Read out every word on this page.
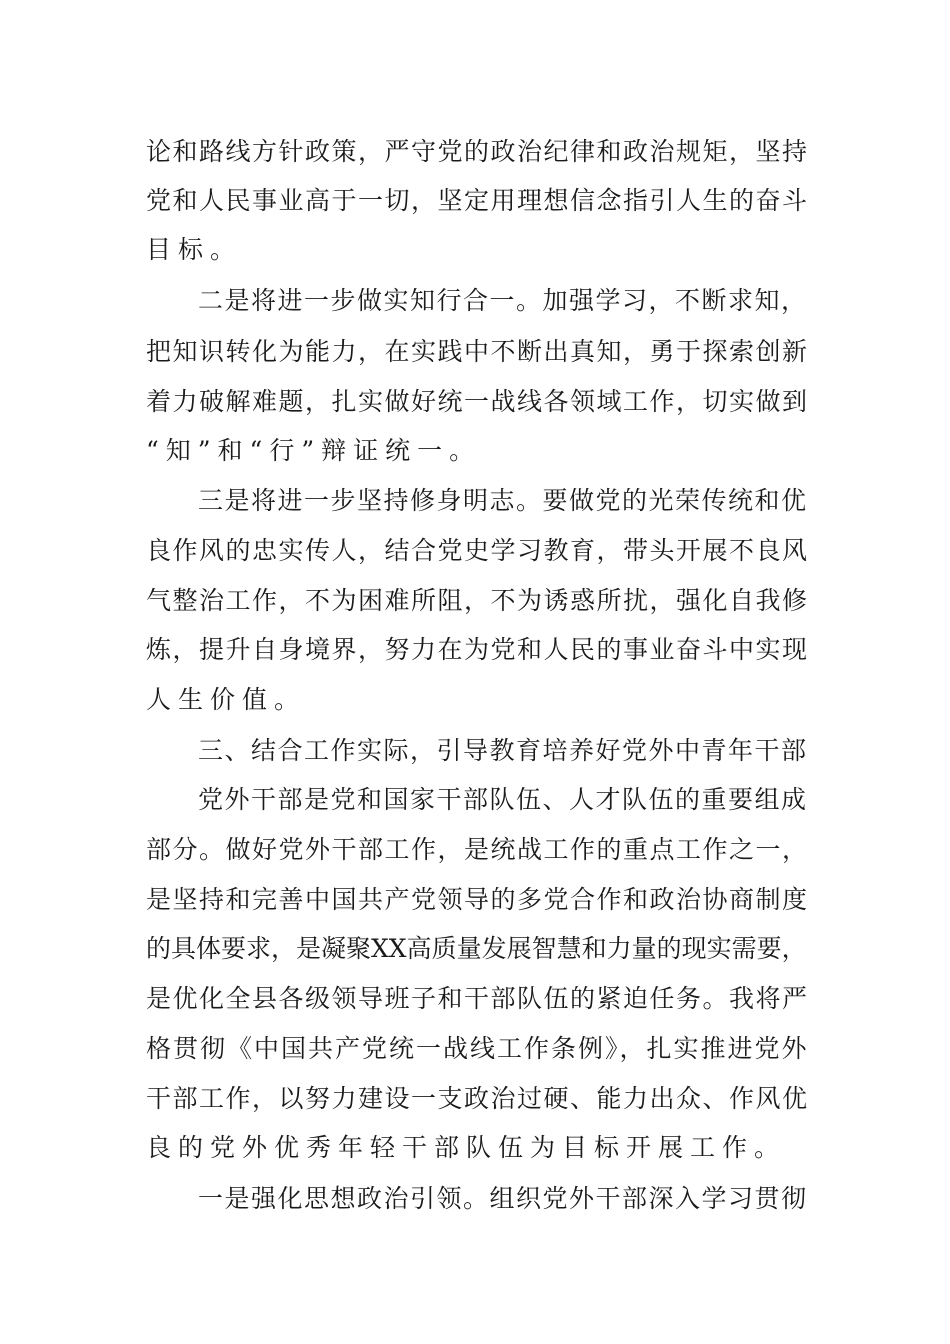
论和路线方针政策，严守党的政治纪律和政治规矩，坚持
党和人民事业高于一切，坚定用理想信念指引人生的奋斗
目标。
二是将进一步做实知行合一。加强学习，不断求知，
把知识转化为能力，在实践中不断出真知，勇于探索创新
着力破解难题，扎实做好统一战线各领域工作，切实做到
“知”和“行”辩证统一。
三是将进一步坚持修身明志。要做党的光荣传统和优
良作风的忠实传人，结合党史学习教育，带头开展不良风
气整治工作，不为困难所阻，不为诱惑所扰，强化自我修
炼，提升自身境界，努力在为党和人民的事业奋斗中实现
人生价值。
三、结合工作实际，引导教育培养好党外中青年干部
党外干部是党和国家干部队伍、人才队伍的重要组成
部分。做好党外干部工作，是统战工作的重点工作之一，
是坚持和完善中国共产党领导的多党合作和政治协商制度
的具体要求，是凝聚XX高质量发展智慧和力量的现实需要，
是优化全县各级领导班子和干部队伍的紧迫任务。我将严
格贯彻《中国共产党统一战线工作条例》，扎实推进党外
干部工作，以努力建设一支政治过硬、能力出众、作风优
良的党外优秀年轻干部队伍为目标开展工作。
一是强化思想政治引领。组织党外干部深入学习贯彻
